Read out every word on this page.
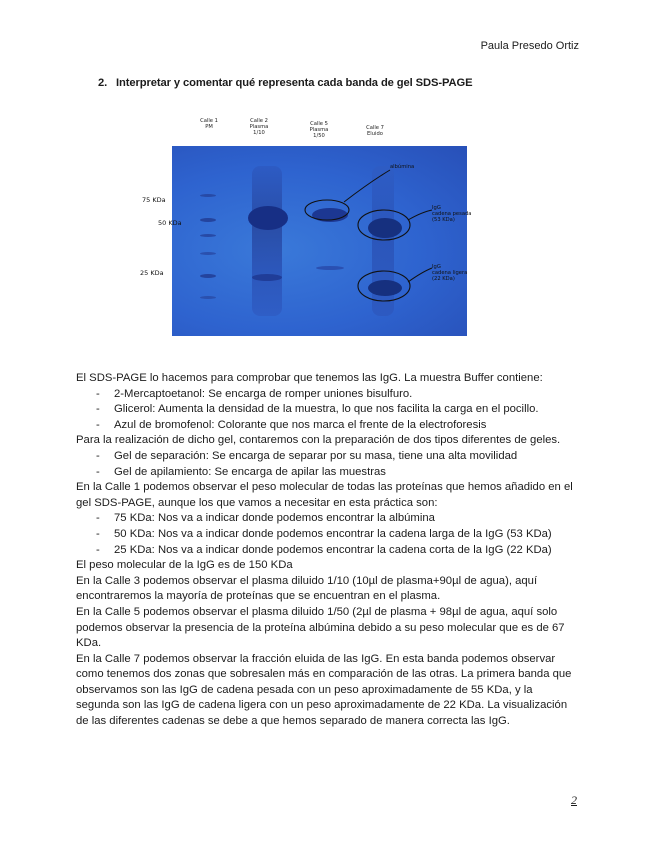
Paula Presedo Ortiz
2. Interpretar y comentar qué representa cada banda de gel SDS-PAGE
Calle 1
PM
Calle 2
Plasma
1/10
Calle 5
Plasma
1/50
Calle 7
Eluido
75 KDa
50 KDa
25 KDa
albúmina
IgG
cadena pesada
(53 KDa)
IgG
cadena ligera
(22 KDa)

El SDS-PAGE lo hacemos para comprobar que tenemos las IgG. La muestra Buffer contiene:

- 2-Mercaptoetanol: Se encarga de romper uniones bisulfuro.
- Glicerol: Aumenta la densidad de la muestra, lo que nos facilita la carga en el pocillo.
- Azul de bromofenol: Colorante que nos marca el frente de la electroforesis

Para la realización de dicho gel, contaremos con la preparación de dos tipos diferentes de geles.

- Gel de separación: Se encarga de separar por su masa, tiene una alta movilidad
- Gel de apilamiento: Se encarga de apilar las muestras

En la Calle 1 podemos observar el peso molecular de todas las proteínas que hemos añadido en el gel SDS-PAGE, aunque los que vamos a necesitar en esta práctica son:

- 75 KDa: Nos va a indicar donde podemos encontrar la albúmina
- 50 KDa: Nos va a indicar donde podemos encontrar la cadena larga de la IgG (53 KDa)
- 25 KDa: Nos va a indicar donde podemos encontrar la cadena corta de la IgG (22 KDa)

El peso molecular de la IgG es de 150 KDa

En la Calle 3 podemos observar el plasma diluido 1/10 (10µl de plasma+90µl de agua), aquí encontraremos la mayoría de proteínas que se encuentran en el plasma.

En la Calle 5 podemos observar el plasma diluido 1/50 (2µl de plasma + 98µl de agua, aquí solo podemos observar la presencia de la proteína albúmina debido a su peso molecular que es de 67 KDa.

En la Calle 7 podemos observar la fracción eluida de las IgG. En esta banda podemos observar como tenemos dos zonas que sobresalen más en comparación de las otras. La primera banda que observamos son las IgG de cadena pesada con un peso aproximadamente de 55 KDa, y la segunda son las IgG de cadena ligera con un peso aproximadamente de 22 KDa. La visualización de las diferentes cadenas se debe a que hemos separado de manera correcta las IgG.

2
